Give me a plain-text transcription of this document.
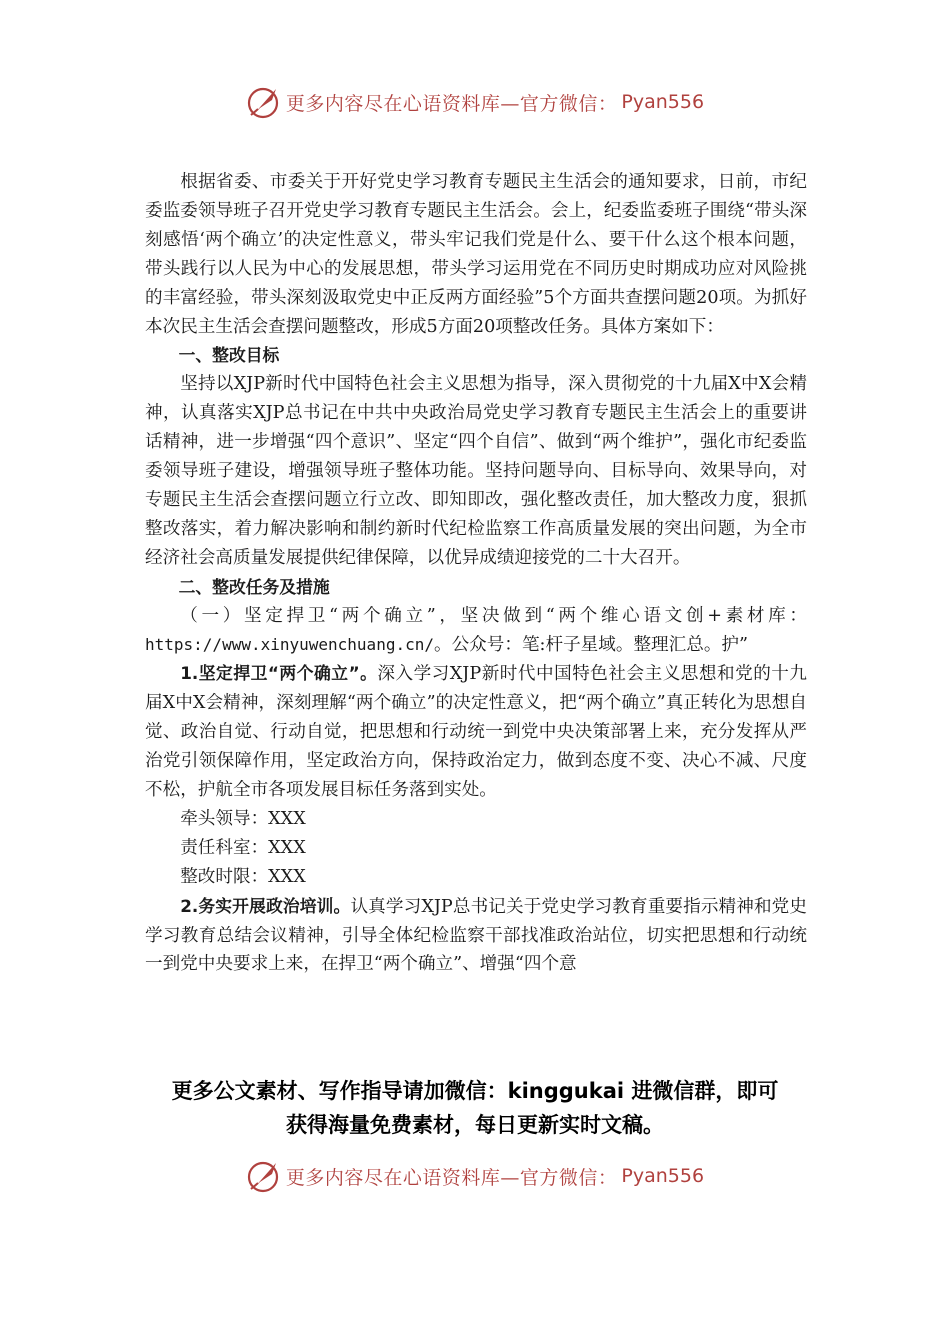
更多内容尽在心语资料库—官方微信： Pyan556

根据省委、市委关于开好党史学习教育专题民主生活会的通知要求，日前，市纪委监委领导班子召开党史学习教育专题民主生活会。会上，纪委监委班子围绕“带头深刻感悟‘两个确立’的决定性意义，带头牢记我们党是什么、要干什么这个根本问题，带头践行以人民为中心的发展思想，带头学习运用党在不同历史时期成功应对风险挑的丰富经验，带头深刻汲取党史中正反两方面经验”5个方面共查摆问题20项。为抓好本次民主生活会查摆问题整改，形成5方面20项整改任务。具体方案如下：

一、整改目标

坚持以XJP新时代中国特色社会主义思想为指导，深入贯彻党的十九届X中X会精神，认真落实XJP总书记在中共中央政治局党史学习教育专题民主生活会上的重要讲话精神，进一步增强“四个意识”、坚定“四个自信”、做到“两个维护”，强化市纪委监委领导班子建设，增强领导班子整体功能。坚持问题导向、目标导向、效果导向，对专题民主生活会查摆问题立行立改、即知即改，强化整改责任，加大整改力度，狠抓整改落实，着力解决影响和制约新时代纪检监察工作高质量发展的突出问题，为全市经济社会高质量发展提供纪律保障，以优异成绩迎接党的二十大召开。

二、整改任务及措施

（一）坚定捍卫“两个确立”，坚决做到“两个维心语文创+素材库：https://www.xinyuwenchuang.cn/。公众号：笔:杆子星域。整理汇总。护”

1.坚定捍卫“两个确立”。深入学习XJP新时代中国特色社会主义思想和党的十九届X中X会精神，深刻理解“两个确立”的决定性意义，把“两个确立”真正转化为思想自觉、政治自觉、行动自觉，把思想和行动统一到党中央决策部署上来，充分发挥从严治党引领保障作用，坚定政治方向，保持政治定力，做到态度不变、决心不减、尺度不松，护航全市各项发展目标任务落到实处。

牵头领导：XXX

责任科室：XXX

整改时限：XXX

2.务实开展政治培训。认真学习XJP总书记关于党史学习教育重要指示精神和党史学习教育总结会议精神，引导全体纪检监察干部找准政治站位，切实把思想和行动统一到党中央要求上来，在捍卫“两个确立”、增强“四个意

更多公文素材、写作指导请加微信：kinggukai 进微信群，即可
获得海量免费素材，每日更新实时文稿。
更多内容尽在心语资料库—官方微信： Pyan556
